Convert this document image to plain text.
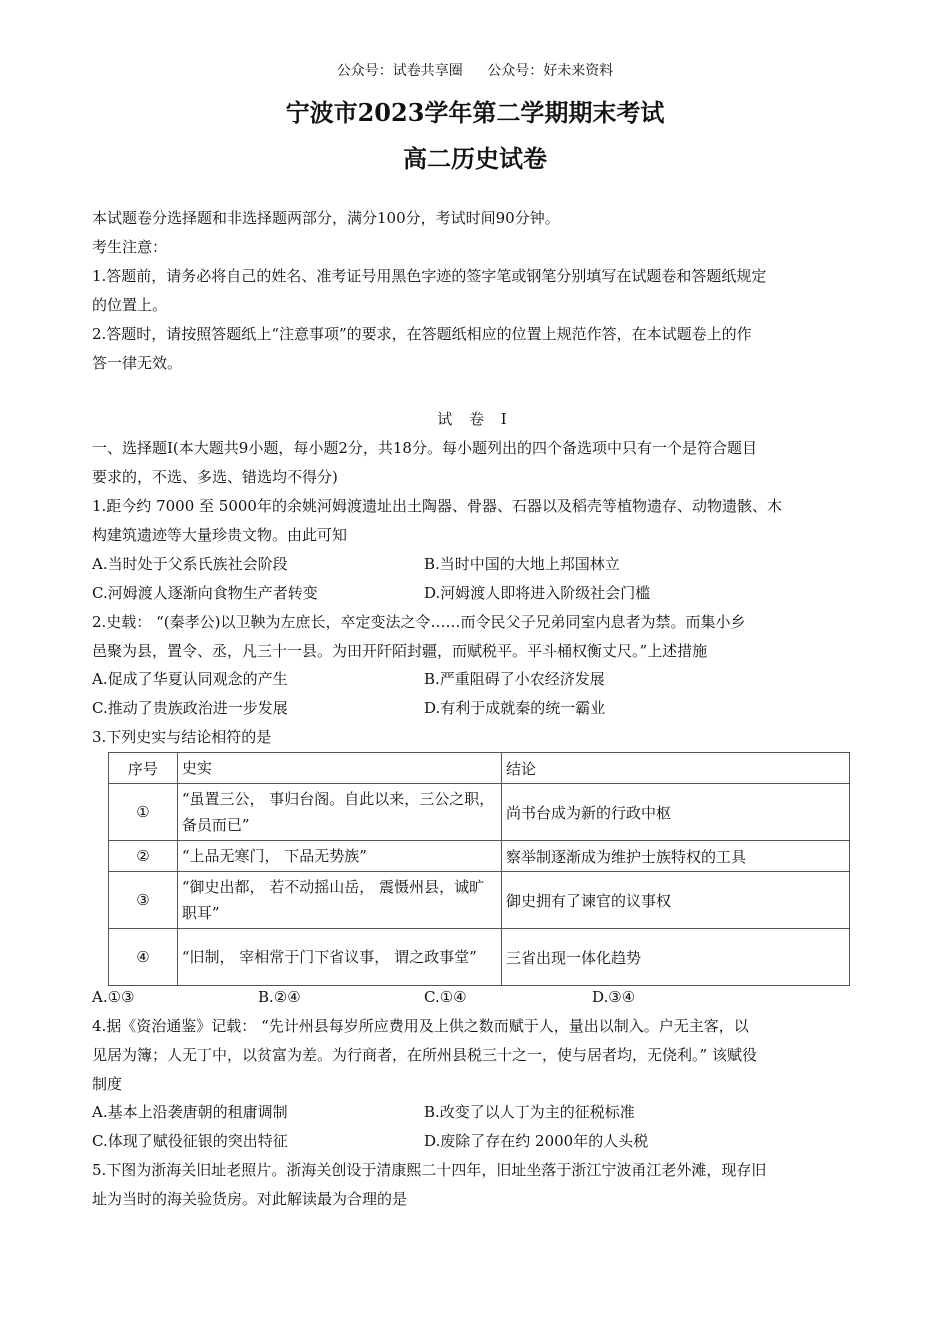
公众号：试卷共享圈 公众号：好未来资料
宁波市2023学年第二学期期末考试
高二历史试卷
本试题卷分选择题和非选择题两部分，满分100分，考试时间90分钟。
考生注意：
1.答题前，请务必将自己的姓名、准考证号用黑色字迹的签字笔或钢笔分别填写在试题卷和答题纸规定
的位置上。
2.答题时，请按照答题纸上“注意事项”的要求，在答题纸相应的位置上规范作答，在本试题卷上的作
答一律无效。
试 卷 I
一、选择题Ⅰ(本大题共9小题，每小题2分，共18分。每小题列出的四个备选项中只有一个是符合题目
要求的，不选、多选、错选均不得分)
1.距今约 7000 至 5000年的余姚河姆渡遗址出土陶器、骨器、石器以及稻壳等植物遗存、动物遗骸、木
构建筑遗迹等大量珍贵文物。由此可知
A.当时处于父系氏族社会阶段	B.当时中国的大地上邦国林立
C.河姆渡人逐渐向食物生产者转变	D.河姆渡人即将进入阶级社会门槛
2.史载： “(秦孝公)以卫鞅为左庶长，卒定变法之令……而令民父子兄弟同室内息者为禁。而集小乡
邑聚为县，置令、丞，凡三十一县。为田开阡陌封疆，而赋税平。平斗桶权衡丈尺。”上述措施
A.促成了华夏认同观念的产生	B.严重阻碍了小农经济发展
C.推动了贵族政治进一步发展	D.有利于成就秦的统一霸业
3.下列史实与结论相符的是
序号	史实	结论
①	“虽置三公， 事归台阁。自此以来，三公之职， 备员而已”	尚书台成为新的行政中枢
②	“上品无寒门， 下品无势族”	察举制逐渐成为维护士族特权的工具
③	“御史出都， 若不动摇山岳， 震慑州县，诚旷职耳”	御史拥有了谏官的议事权
④	“旧制， 宰相常于门下省议事， 谓之政事堂”	三省出现一体化趋势
A.①③	B.②④	C.①④	D.③④
4.据《资治通鉴》记载： “先计州县每岁所应费用及上供之数而赋于人，量出以制入。户无主客，以
见居为簿；人无丁中，以贫富为差。为行商者，在所州县税三十之一，使与居者均，无侥利。” 该赋役
制度
A.基本上沿袭唐朝的租庸调制	B.改变了以人丁为主的征税标准
C.体现了赋役征银的突出特征	D.废除了存在约 2000年的人头税
5.下图为浙海关旧址老照片。浙海关创设于清康熙二十四年，旧址坐落于浙江宁波甬江老外滩，现存旧
址为当时的海关验货房。对此解读最为合理的是
